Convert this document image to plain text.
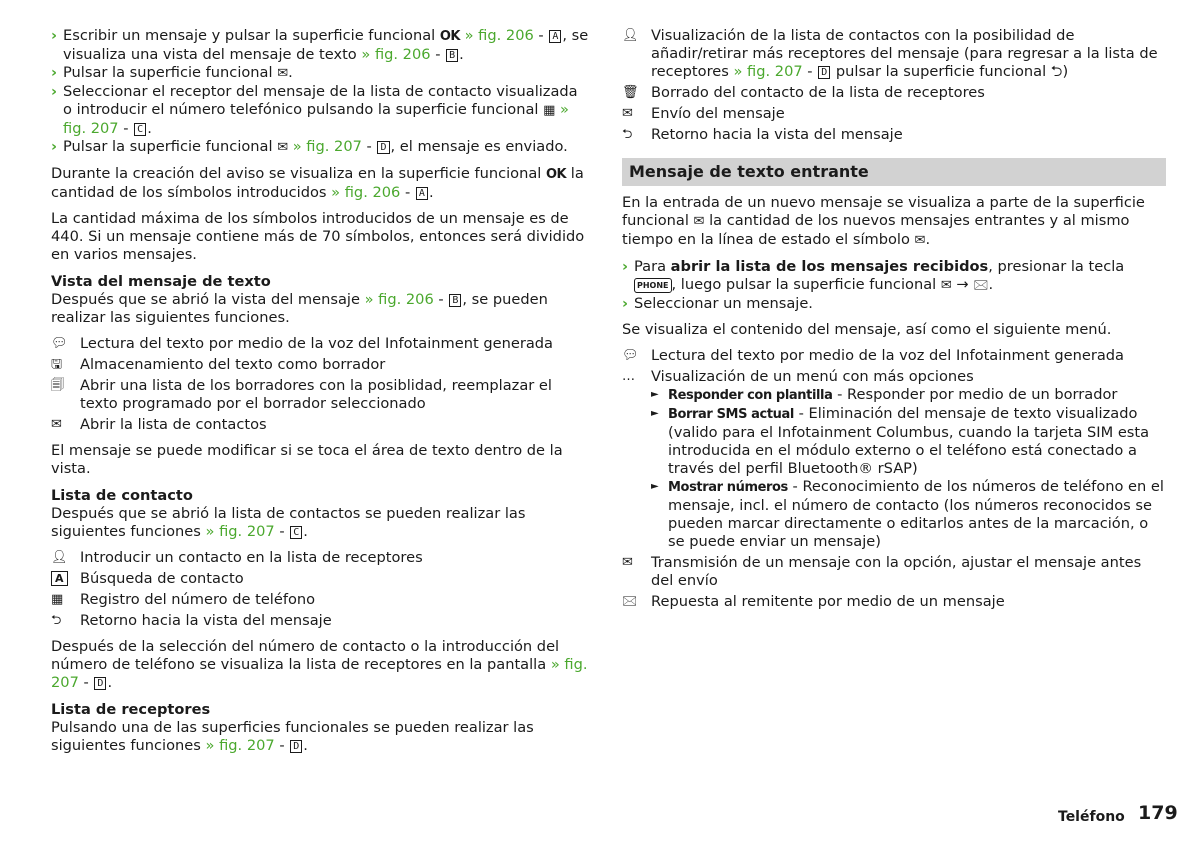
› Escribir un mensaje y pulsar la superficie funcional OK » fig. 206 - A , se visualiza una vista del mensaje de texto » fig. 206 - B .

› Pulsar la superficie funcional ✉.

› Seleccionar el receptor del mensaje de la lista de contacto visualizada o introducir el número telefónico pulsando la superficie funcional ▦ » fig. 207 - C .

› Pulsar la superficie funcional ✉ » fig. 207 - D , el mensaje es enviado.

Durante la creación del aviso se visualiza en la superficie funcional OK la cantidad de los símbolos introducidos » fig. 206 - A .

La cantidad máxima de los símbolos introducidos de un mensaje es de 440. Si un mensaje contiene más de 70 símbolos, entonces será dividido en varios mensajes.

Vista del mensaje de texto

Después que se abrió la vista del mensaje » fig. 206 - B , se pueden realizar las siguientes funciones.

💬︎ Lectura del texto por medio de la voz del Infotainment generada
🖫	Almacenamiento del texto como borrador
🗐	Abrir una lista de los borradores con la posiblidad, reemplazar el texto programado por el borrador seleccionado
✉	Abrir la lista de contactos

El mensaje se puede modificar si se toca el área de texto dentro de la vista.

Lista de contacto

Después que se abrió la lista de contactos se pueden realizar las siguientes funciones » fig. 207 - C .

👤︎ Introducir un contacto en la lista de receptores
A	Búsqueda de contacto
▦	Registro del número de teléfono
⮌	Retorno hacia la vista del mensaje

Después de la selección del número de contacto o la introducción del número de teléfono se visualiza la lista de receptores en la pantalla » fig. 207 - D .

Lista de receptores

Pulsando una de las superficies funcionales se pueden realizar las siguientes funciones » fig. 207 - D .

👤︎ Visualización de la lista de contactos con la posibilidad de añadir/retirar más receptores del mensaje (para regresar a la lista de receptores » fig. 207 - D pulsar la superficie funcional ⮌)
🗑︎ Borrado del contacto de la lista de receptores
✉	Envío del mensaje
⮌	Retorno hacia la vista del mensaje
Mensaje de texto entrante

En la entrada de un nuevo mensaje se visualiza a parte de la superficie funcional ✉ la cantidad de los nuevos mensajes entrantes y al mismo tiempo en la línea de estado el símbolo ✉.

› Para abrir la lista de los mensajes recibidos, presionar la tecla PHONE , luego pulsar la superficie funcional ✉ → 🖂.

› Seleccionar un mensaje.

Se visualiza el contenido del mensaje, así como el siguiente menú.

💬︎ Lectura del texto por medio de la voz del Infotainment generada
…	Visualización de un menú con más opciones
► Responder con plantilla - Responder por medio de un borrador
► Borrar SMS actual - Eliminación del mensaje de texto visualizado (valido para el Infotainment Columbus, cuando la tarjeta SIM esta introducida en el módulo externo o el teléfono está conectado a través del perfil Bluetooth® rSAP)
► Mostrar números - Reconocimiento de los números de teléfono en el mensaje, incl. el número de contacto (los números reconocidos se pueden marcar directamente o editarlos antes de la marcación, o se puede enviar un mensaje)
✉	Transmisión de un mensaje con la opción, ajustar el mensaje antes del envío
🖂 Repuesta al remitente por medio de un mensaje
Teléfono 179
